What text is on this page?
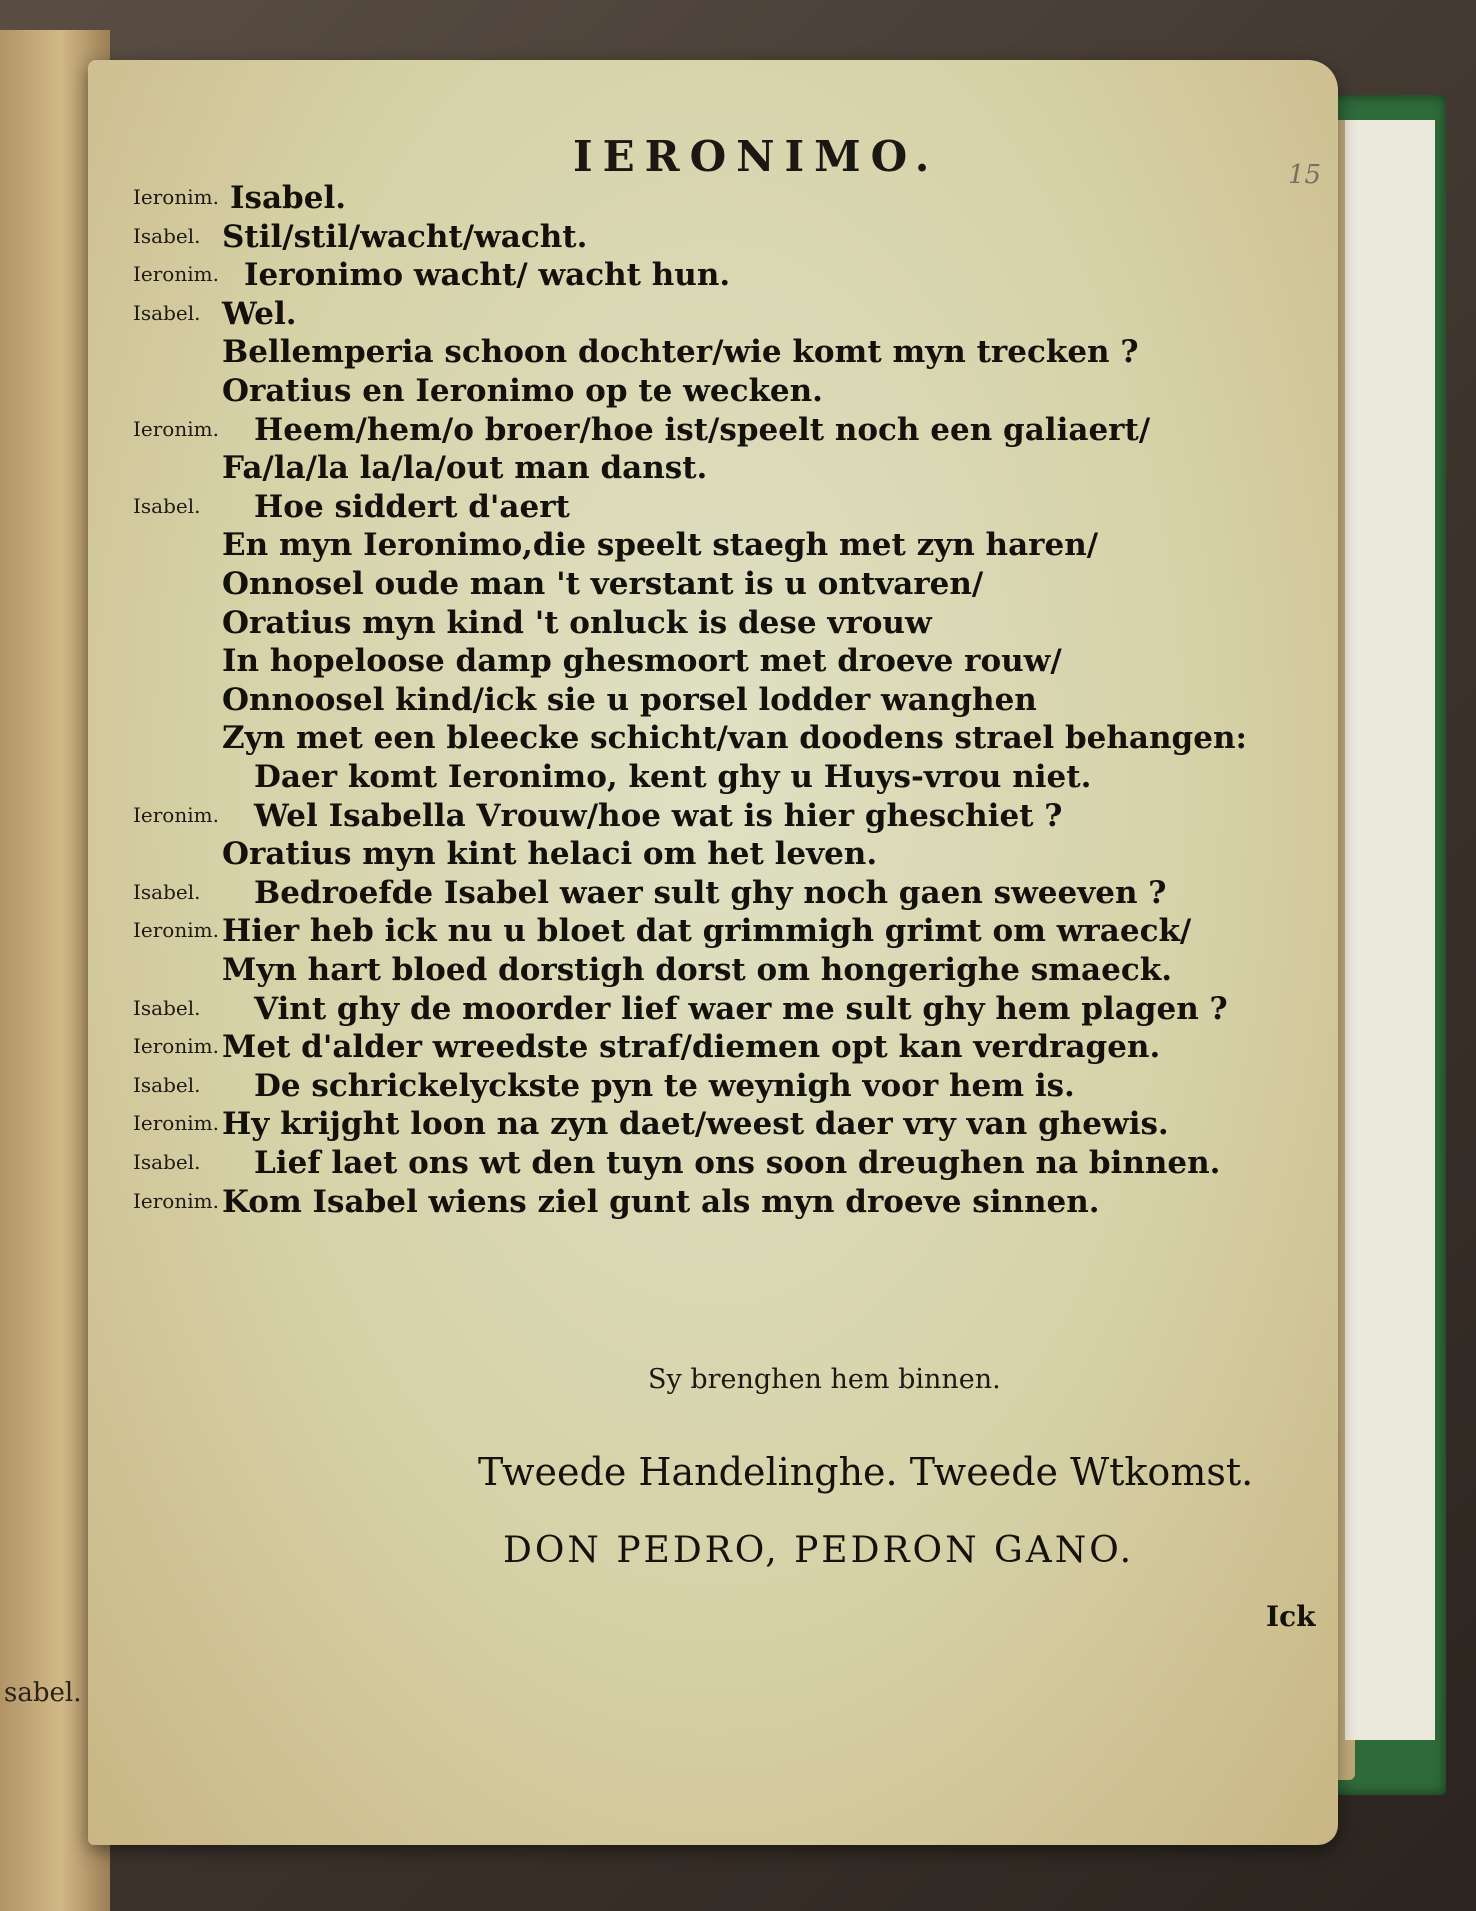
sabel.
IERONIMO.	15
Ieronim. Isabel.
Isabel. Stil/stil/wacht/wacht.
Ieronim. Ieronimo wacht/ wacht hun.
Isabel. Wel.
Bellemperia schoon dochter/wie komt myn trecken ?
Oratius en Ieronimo op te wecken.
Ieronim. Heem/hem/o broer/hoe ist/speelt noch een galiaert/
Fa/la/la la/la/out man danst.
Isabel. Hoe siddert d'aert
En myn Ieronimo,die speelt staegh met zyn haren/
Onnosel oude man 't verstant is u ontvaren/
Oratius myn kind 't onluck is dese vrouw
In hopeloose damp ghesmoort met droeve rouw/
Onnoosel kind/ick sie u porsel lodder wanghen
Zyn met een bleecke schicht/van doodens strael behangen:
Daer komt Ieronimo, kent ghy u Huys-vrou niet.
Ieronim. Wel Isabella Vrouw/hoe wat is hier gheschiet ?
Oratius myn kint helaci om het leven.
Isabel. Bedroefde Isabel waer sult ghy noch gaen sweeven ?
Ieronim. Hier heb ick nu u bloet dat grimmigh grimt om wraeck/
Myn hart bloed dorstigh dorst om hongerighe smaeck.
Isabel. Vint ghy de moorder lief waer me sult ghy hem plagen ?
Ieronim. Met d'alder wreedste straf/diemen opt kan verdragen.
Isabel. De schrickelyckste pyn te weynigh voor hem is.
Ieronim. Hy krijght loon na zyn daet/weest daer vry van ghewis.
Isabel. Lief laet ons wt den tuyn ons soon dreughen na binnen.
Ieronim. Kom Isabel wiens ziel gunt als myn droeve sinnen.
Sy brenghen hem binnen.
Tweede Handelinghe. Tweede Wtkomst.
DON PEDRO, PEDRON GANO.
Ick
